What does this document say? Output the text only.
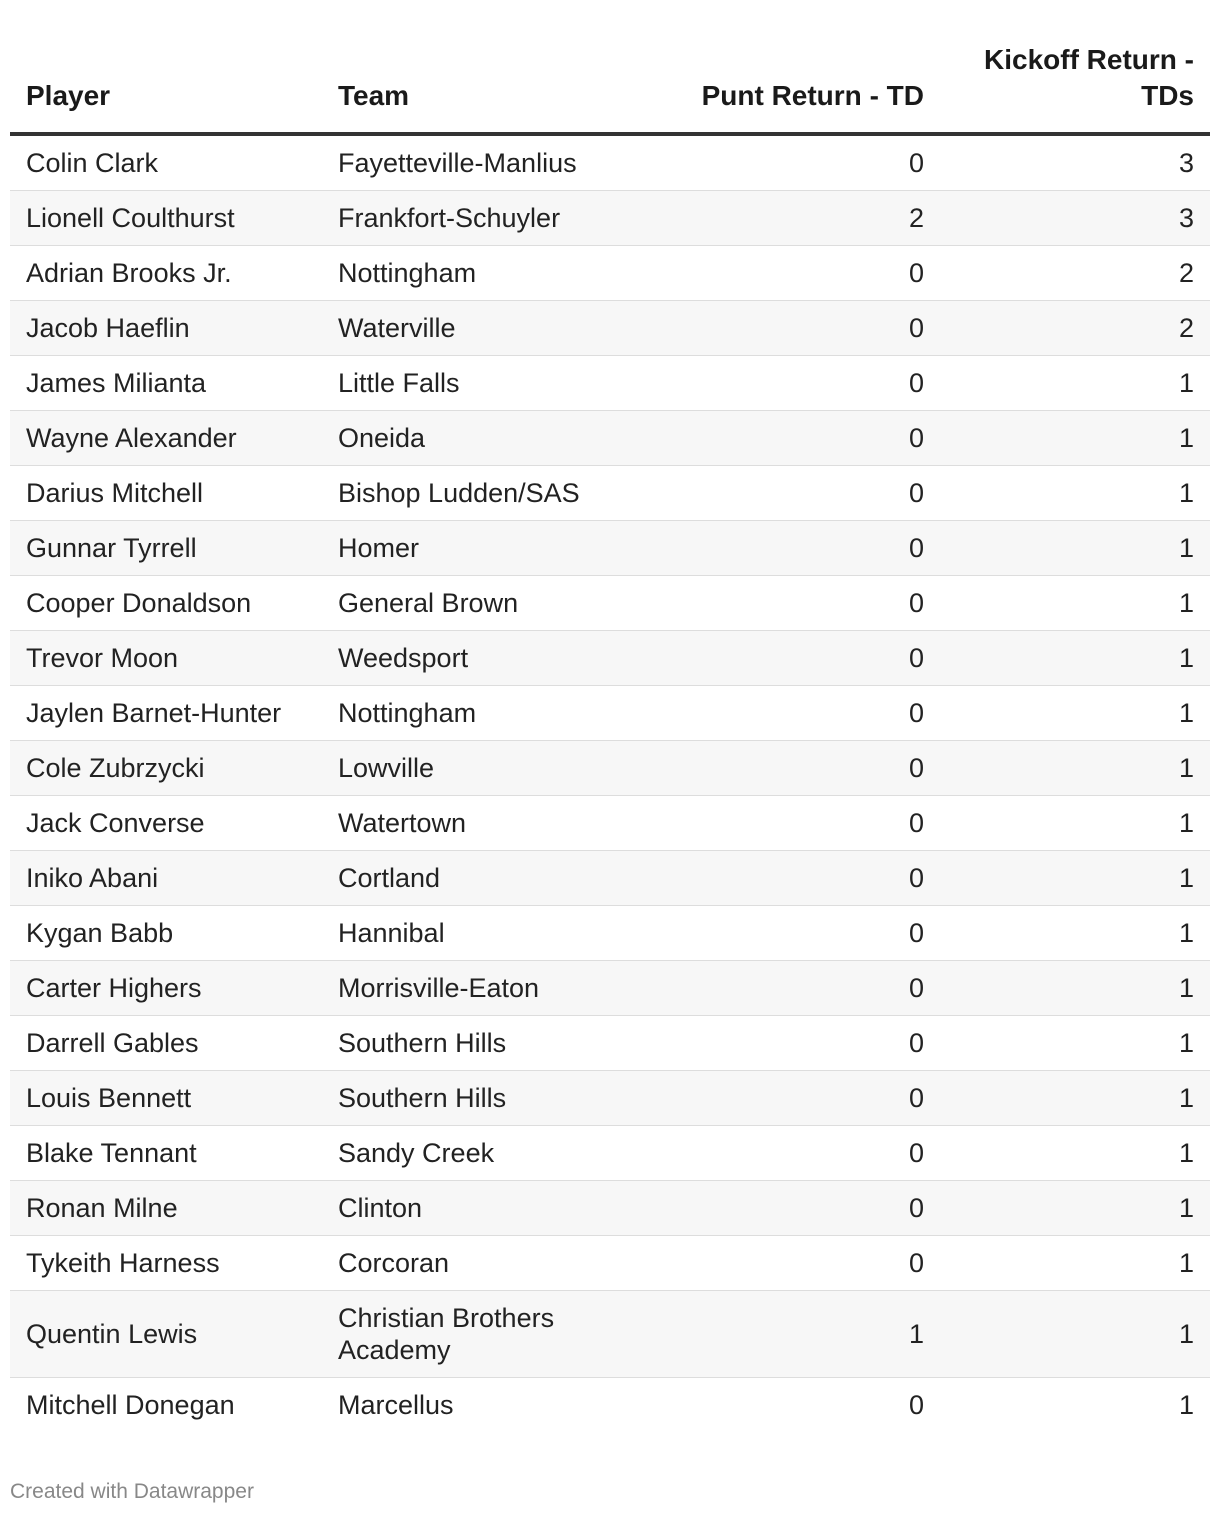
Player	Team	Punt Return - TD	Kickoff Return - TDs
Colin Clark	Fayetteville-Manlius	0	3
Lionell Coulthurst	Frankfort-Schuyler	2	3
Adrian Brooks Jr.	Nottingham	0	2
Jacob Haeflin	Waterville	0	2
James Milianta	Little Falls	0	1
Wayne Alexander	Oneida	0	1
Darius Mitchell	Bishop Ludden/SAS	0	1
Gunnar Tyrrell	Homer	0	1
Cooper Donaldson	General Brown	0	1
Trevor Moon	Weedsport	0	1
Jaylen Barnet-Hunter	Nottingham	0	1
Cole Zubrzycki	Lowville	0	1
Jack Converse	Watertown	0	1
Iniko Abani	Cortland	0	1
Kygan Babb	Hannibal	0	1
Carter Highers	Morrisville-Eaton	0	1
Darrell Gables	Southern Hills	0	1
Louis Bennett	Southern Hills	0	1
Blake Tennant	Sandy Creek	0	1
Ronan Milne	Clinton	0	1
Tykeith Harness	Corcoran	0	1
Quentin Lewis	Christian Brothers Academy	1	1
Mitchell Donegan	Marcellus	0	1
Created with Datawrapper
